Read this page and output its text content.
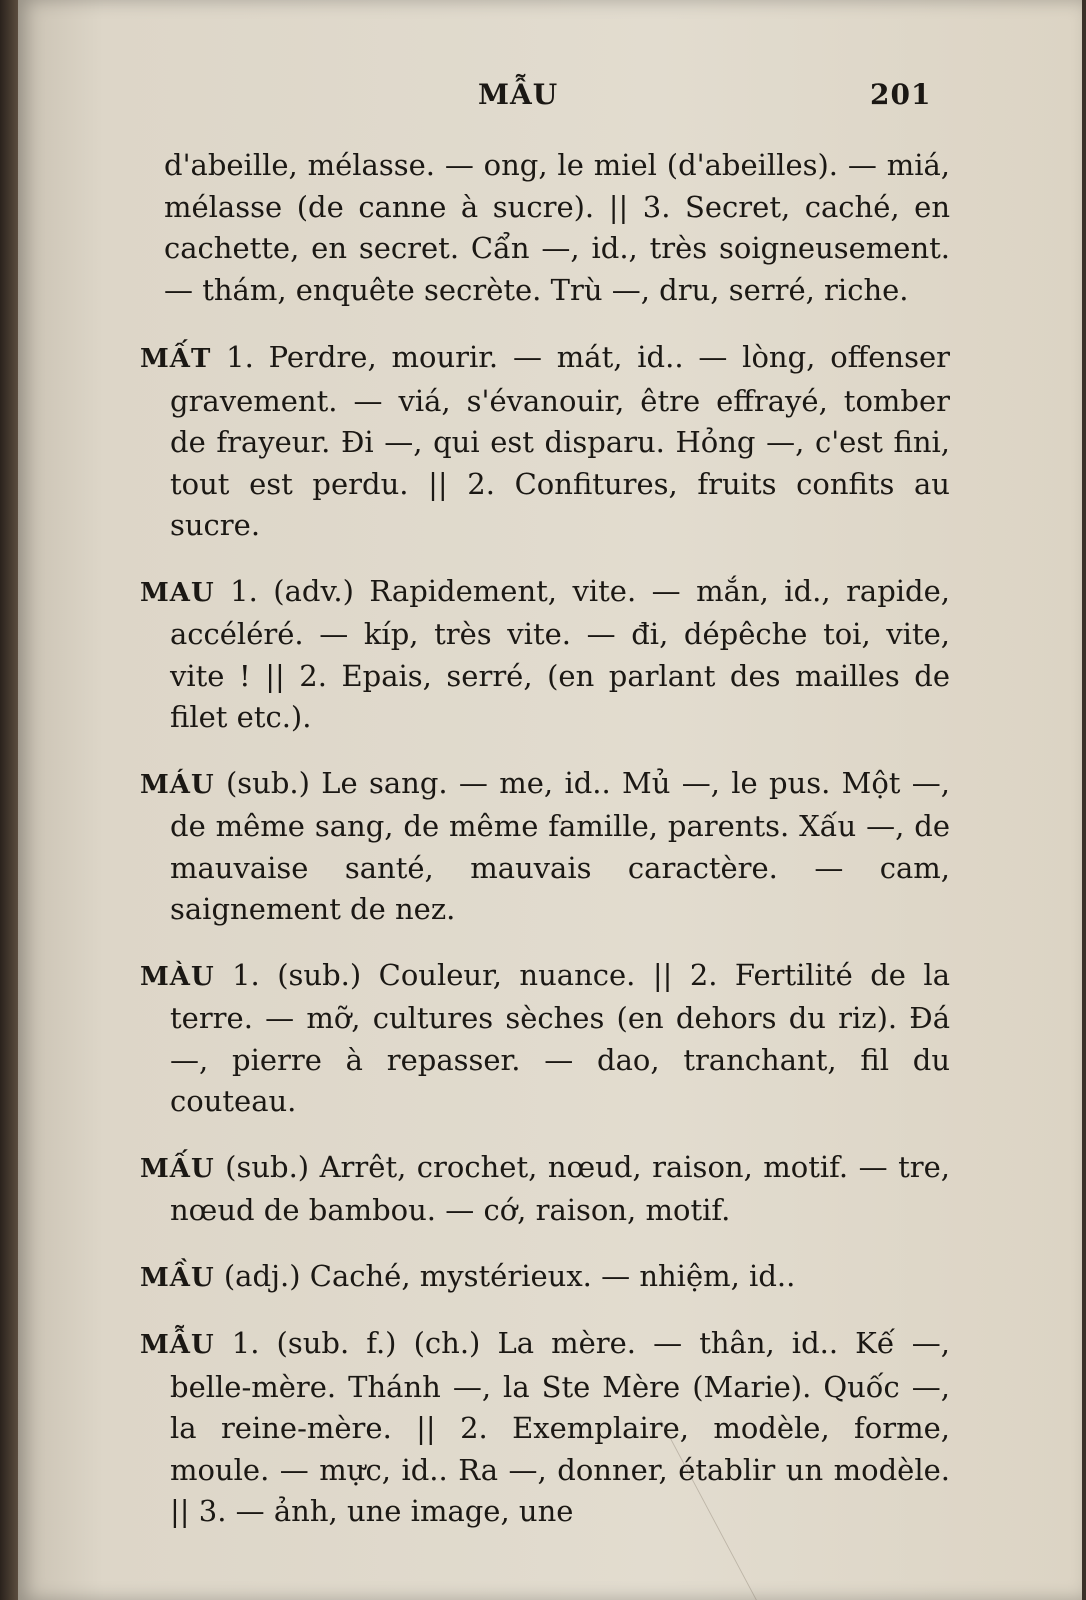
MẪU	201

d'abeille, mélasse. — ong, le miel (d'abeilles). — miá, mélasse (de canne à sucre). || 3. Secret, caché, en cachette, en secret. Cẩn —, id., très soigneusement. — thám, enquête secrète. Trù —, dru, serré, riche.

MẤT 1. Perdre, mourir. — mát, id.. — lòng, offenser gravement. — viá, s'évanouir, être effrayé, tomber de frayeur. Đi —, qui est disparu. Hỏng —, c'est fini, tout est perdu. || 2. Confitures, fruits confits au sucre.

MAU 1. (adv.) Rapidement, vite. — mắn, id., rapide, accéléré. — kíp, très vite. — đi, dépêche toi, vite, vite ! || 2. Epais, serré, (en parlant des mailles de filet etc.).

MÁU (sub.) Le sang. — me, id.. Mủ —, le pus. Một —, de même sang, de même famille, parents. Xấu —, de mauvaise santé, mauvais caractère. — cam, saignement de nez.

MÀU 1. (sub.) Couleur, nuance. || 2. Fertilité de la terre. — mỡ, cultures sèches (en dehors du riz). Đá —, pierre à repasser. — dao, tranchant, fil du couteau.

MẤU (sub.) Arrêt, crochet, nœud, raison, motif. — tre, nœud de bambou. — cớ, raison, motif.

MẦU (adj.) Caché, mystérieux. — nhiệm, id..

MẪU 1. (sub. f.) (ch.) La mère. — thân, id.. Kế —, belle-mère. Thánh —, la Ste Mère (Marie). Quốc —, la reine-mère. || 2. Exemplaire, modèle, forme, moule. — mực, id.. Ra —, donner, établir un modèle. || 3. — ảnh, une image, une
